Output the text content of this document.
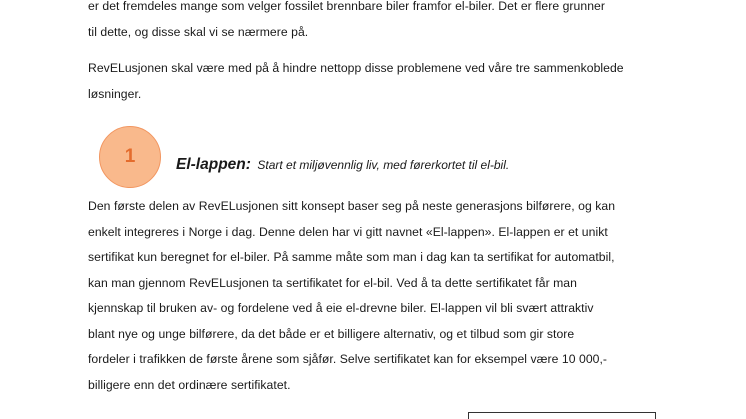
er det fremdeles mange som velger fossilet brennbare biler framfor el-biler. Det er flere grunner
til dette, og disse skal vi se nærmere på.

RevELusjonen skal være med på å hindre nettopp disse problemene ved våre tre sammenkoblede
løsninger.

1	El-lappen: Start et miljøvennlig liv, med førerkortet til el-bil.

Den første delen av RevELusjonen sitt konsept baser seg på neste generasjons bilførere, og kan
enkelt integreres i Norge i dag. Denne delen har vi gitt navnet «El-lappen». El-lappen er et unikt
sertifikat kun beregnet for el-biler. På samme måte som man i dag kan ta sertifikat for automatbil,
kan man gjennom RevELusjonen ta sertifikatet for el-bil. Ved å ta dette sertifikatet får man
kjennskap til bruken av- og fordelene ved å eie el-drevne biler. El-lappen vil bli svært attraktiv
blant nye og unge bilførere, da det både er et billigere alternativ, og et tilbud som gir store
fordeler i trafikken de første årene som sjåfør. Selve sertifikatet kan for eksempel være 10 000,-
billigere enn det ordinære sertifikatet.
